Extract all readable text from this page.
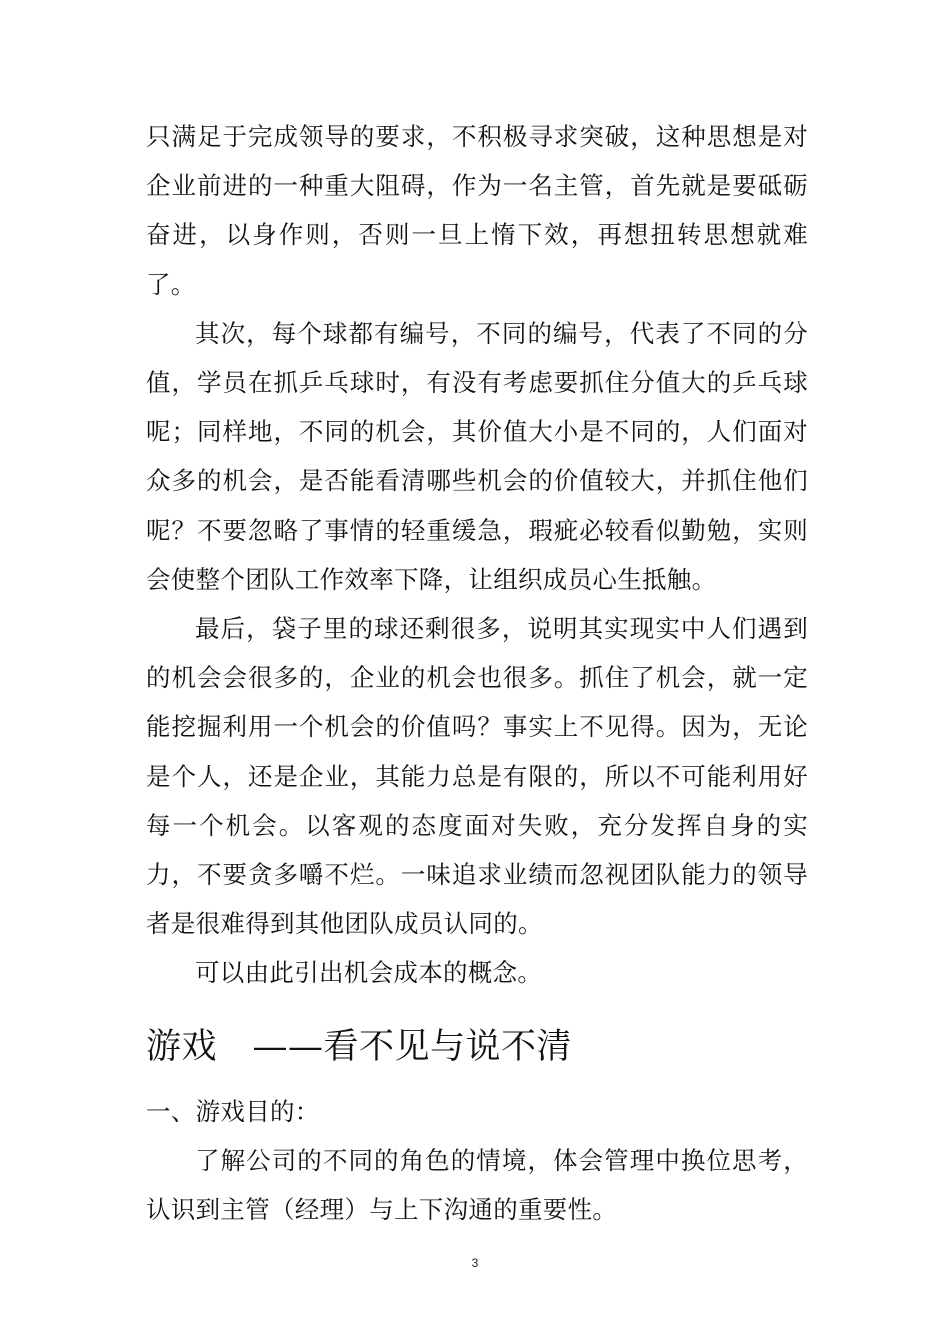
只满足于完成领导的要求，不积极寻求突破，这种思想是对企业前进的一种重大阻碍，作为一名主管，首先就是要砥砺奋进，以身作则，否则一旦上惰下效，再想扭转思想就难了。

其次，每个球都有编号，不同的编号，代表了不同的分值，学员在抓乒乓球时，有没有考虑要抓住分值大的乒乓球呢；同样地，不同的机会，其价值大小是不同的，人们面对众多的机会，是否能看清哪些机会的价值较大，并抓住他们呢？不要忽略了事情的轻重缓急，瑕疵必较看似勤勉，实则会使整个团队工作效率下降，让组织成员心生抵触。

最后，袋子里的球还剩很多，说明其实现实中人们遇到的机会会很多的，企业的机会也很多。抓住了机会，就一定能挖掘利用一个机会的价值吗？事实上不见得。因为，无论是个人，还是企业，其能力总是有限的，所以不可能利用好每一个机会。以客观的态度面对失败，充分发挥自身的实力，不要贪多嚼不烂。一味追求业绩而忽视团队能力的领导者是很难得到其他团队成员认同的。

可以由此引出机会成本的概念。

游戏　——看不见与说不清

一、游戏目的：

了解公司的不同的角色的情境，体会管理中换位思考，认识到主管（经理）与上下沟通的重要性。

3
